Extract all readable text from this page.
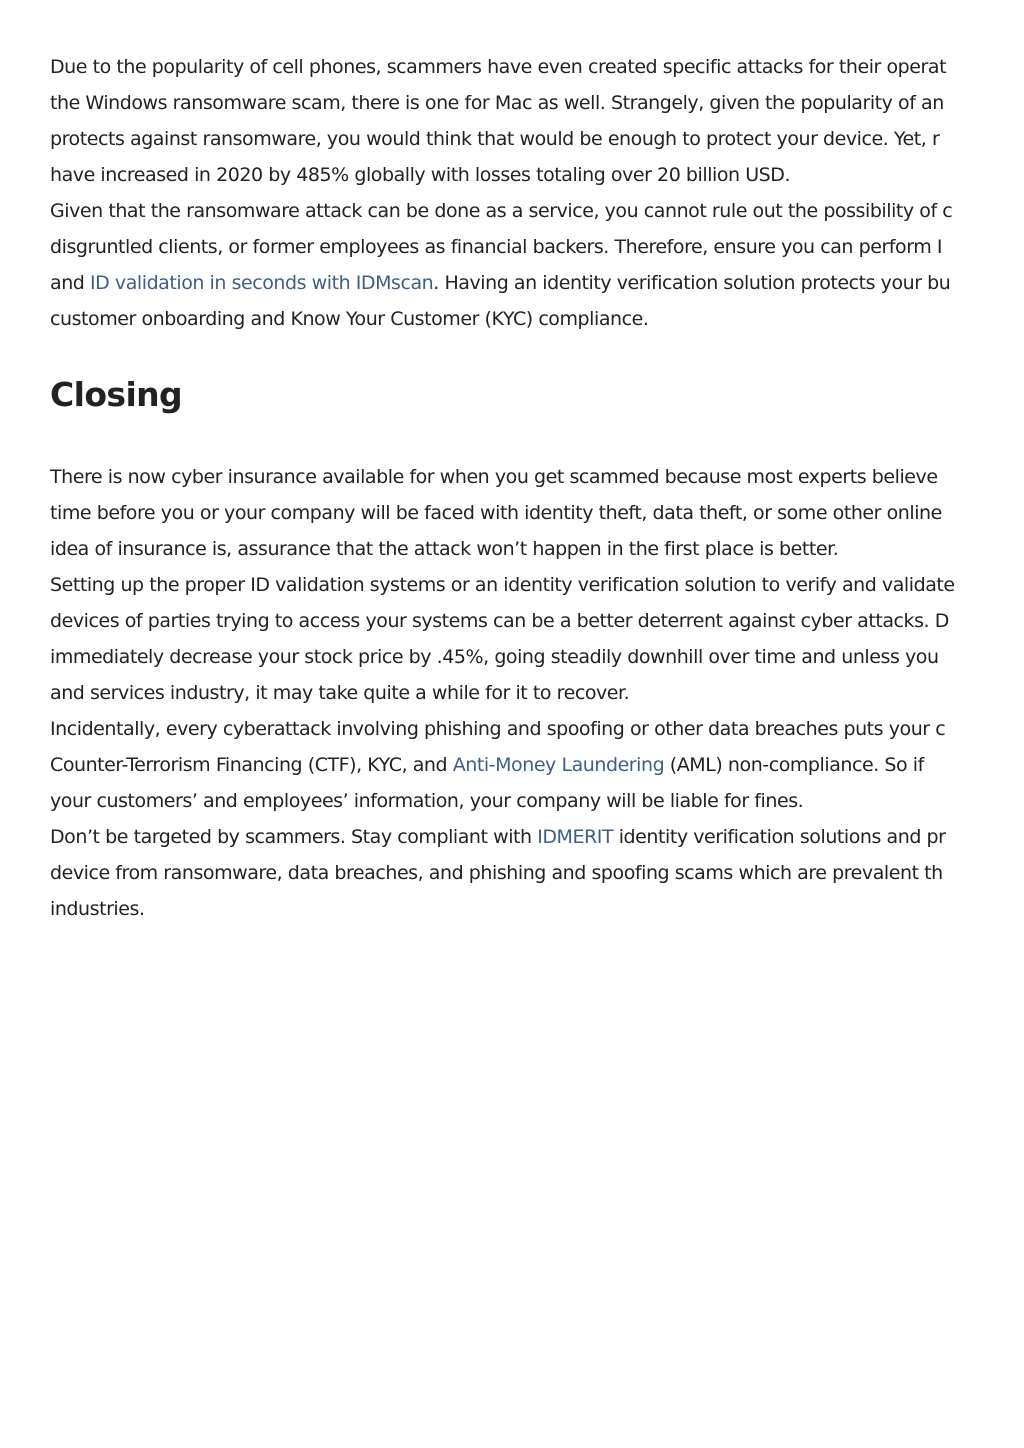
Due to the popularity of cell phones, scammers have even created specific attacks for their operat
the Windows ransomware scam, there is one for Mac as well. Strangely, given the popularity of an
protects against ransomware, you would think that would be enough to protect your device. Yet, r
have increased in 2020 by 485% globally with losses totaling over 20 billion USD.
Given that the ransomware attack can be done as a service, you cannot rule out the possibility of c
disgruntled clients, or former employees as financial backers. Therefore, ensure you can perform I
and ID validation in seconds with IDMscan. Having an identity verification solution protects your bu
customer onboarding and Know Your Customer (KYC) compliance.
Closing
There is now cyber insurance available for when you get scammed because most experts believe
time before you or your company will be faced with identity theft, data theft, or some other online
idea of insurance is, assurance that the attack won’t happen in the first place is better.
Setting up the proper ID validation systems or an identity verification solution to verify and validate
devices of parties trying to access your systems can be a better deterrent against cyber attacks. D
immediately decrease your stock price by .45%, going steadily downhill over time and unless you
and services industry, it may take quite a while for it to recover.
Incidentally, every cyberattack involving phishing and spoofing or other data breaches puts your c
Counter-Terrorism Financing (CTF), KYC, and Anti-Money Laundering (AML) non-compliance. So if
your customers’ and employees’ information, your company will be liable for fines.
Don’t be targeted by scammers. Stay compliant with IDMERIT identity verification solutions and pr
device from ransomware, data breaches, and phishing and spoofing scams which are prevalent th
industries.
